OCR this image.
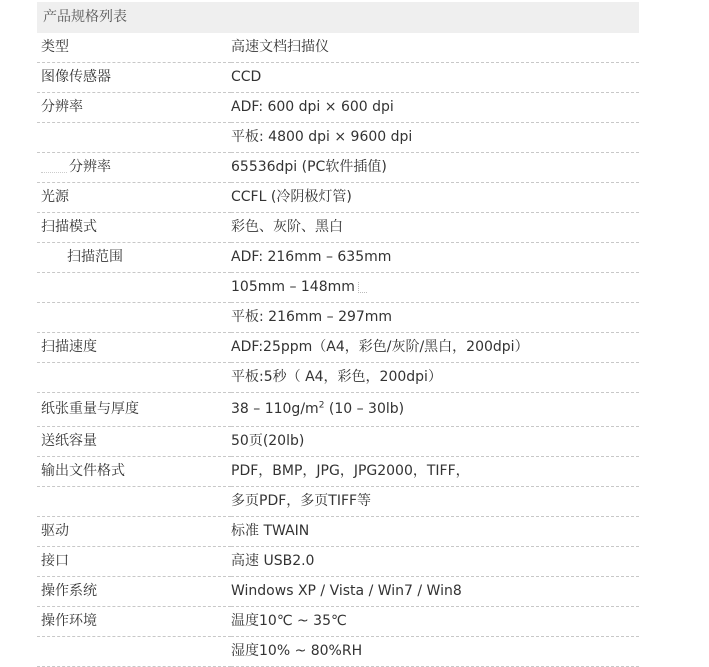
产品规格列表
类型	高速文档扫描仪
图像传感器	CCD
分辨率	ADF: 600 dpi × 600 dpi
	平板: 4800 dpi × 9600 dpi
分辨率	65536dpi (PC软件插值)
光源	CCFL (冷阴极灯管)
扫描模式	彩色、灰阶、黑白
扫描范围	ADF: 216mm – 635mm
	105mm – 148mm
	平板: 216mm – 297mm
扫描速度	ADF:25ppm（A4，彩色/灰阶/黑白，200dpi）
	平板:5秒（ A4，彩色，200dpi）
纸张重量与厚度	$38 - 110g/m^2$ (10 – 30lb)
送纸容量	50页(20lb)
输出文件格式	PDF，BMP，JPG，JPG2000，TIFF，
	多页PDF，多页TIFF等
驱动	标准 TWAIN
接口	高速 USB2.0
操作系统	Windows XP / Vista / Win7 / Win8
操作环境	温度10℃ ~ 35℃
	湿度10% ~ 80%RH
